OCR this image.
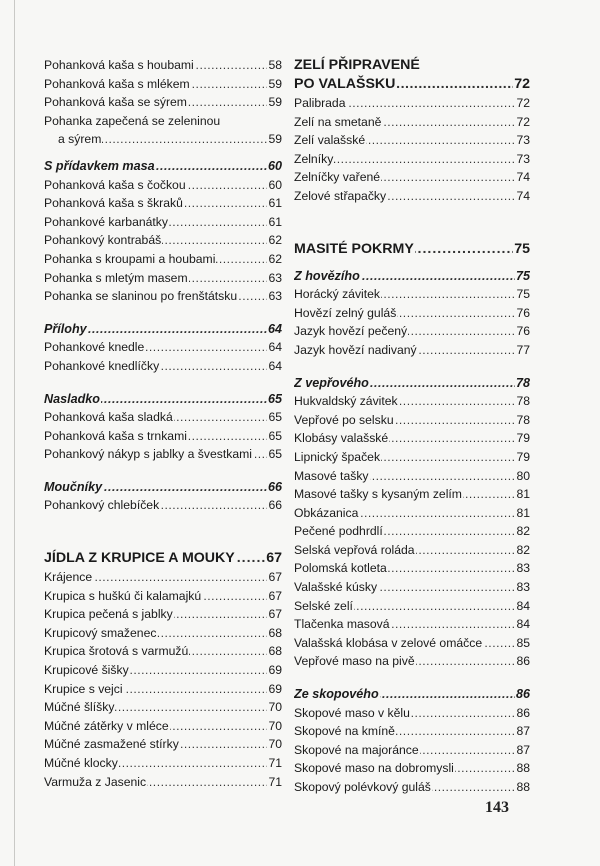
..... Pohanková kaša s houbami	58
..... Pohanková kaša s mlékem	59
..... Pohanková kaša se sýrem	59
Pohanka zapečená se zeleninou
..... a sýrem	59
..... S přídavkem masa	60
..... Pohanková kaša s čočkou	60
..... Pohanková kaša s škraků	61
..... Pohankové karbanátky	61
..... Pohankový kontrabáš	62
..... Pohanka s kroupami a houbami	62
..... Pohanka s mletým masem	63
..... Pohanka se slaninou po frenštátsku	63
..... Přílohy	64
..... Pohankové knedle	64
..... Pohankové knedlíčky	64
..... Nasladko	65
..... Pohanková kaša sladká	65
..... Pohanková kaša s trnkami	65
..... Pohankový nákyp s jablky a švestkami 65
..... Moučníky	66
..... Pohankový chlebíček	66
..... JÍDLA Z KRUPICE A MOUKY 67
..... Krájence	67
..... Krupica s huškú či kalamajkú	67
..... Krupica pečená s jablky	67
..... Krupicový smaženec	68
..... Krupica šrotová s varmužú	68
..... Krupicové šišky	69
..... Krupice s vejci	69
..... Múčné šlíšky	70
..... Múčné zátěrky v mléce	70
..... Múčné zasmažené stírky	70
..... Múčné klocky	71
..... Varmuža z Jasenic	71
ZELÍ PŘIPRAVENÉ
..... PO VALAŠSKU	72
..... Palibrada	72
..... Zelí na smetaně	72
..... Zelí valašské	73
..... Zelníky	73
..... Zelníčky vařené	74
..... Zelové střapačky	74
..... MASITÉ POKRMY	75
..... Z hovězího	75
..... Horácký závitek	75
..... Hovězí zelný guláš	76
..... Jazyk hovězí pečený	76
..... Jazyk hovězí nadivaný	77
..... Z vepřového	78
..... Hukvaldský závitek	78
..... Vepřové po selsku	78
..... Klobásy valašské	79
..... Lipnický špaček	79
..... Masové tašky	80
..... Masové tašky s kysaným zelím	81
..... Obkázanica	81
..... Pečené podhrdlí	82
..... Selská vepřová roláda	82
..... Polomská kotleta	83
..... Valašské kúsky	83
..... Selské zelí	84
..... Tlačenka masová	84
..... Valašská klobása v zelové omáčce	85
..... Vepřové maso na pivě	86
..... Ze skopového	86
..... Skopové maso v kělu	86
..... Skopové na kmíně	87
..... Skopové na majoránce	87
..... Skopové maso na dobromysli	88
..... Skopový polévkový guláš	88
143
